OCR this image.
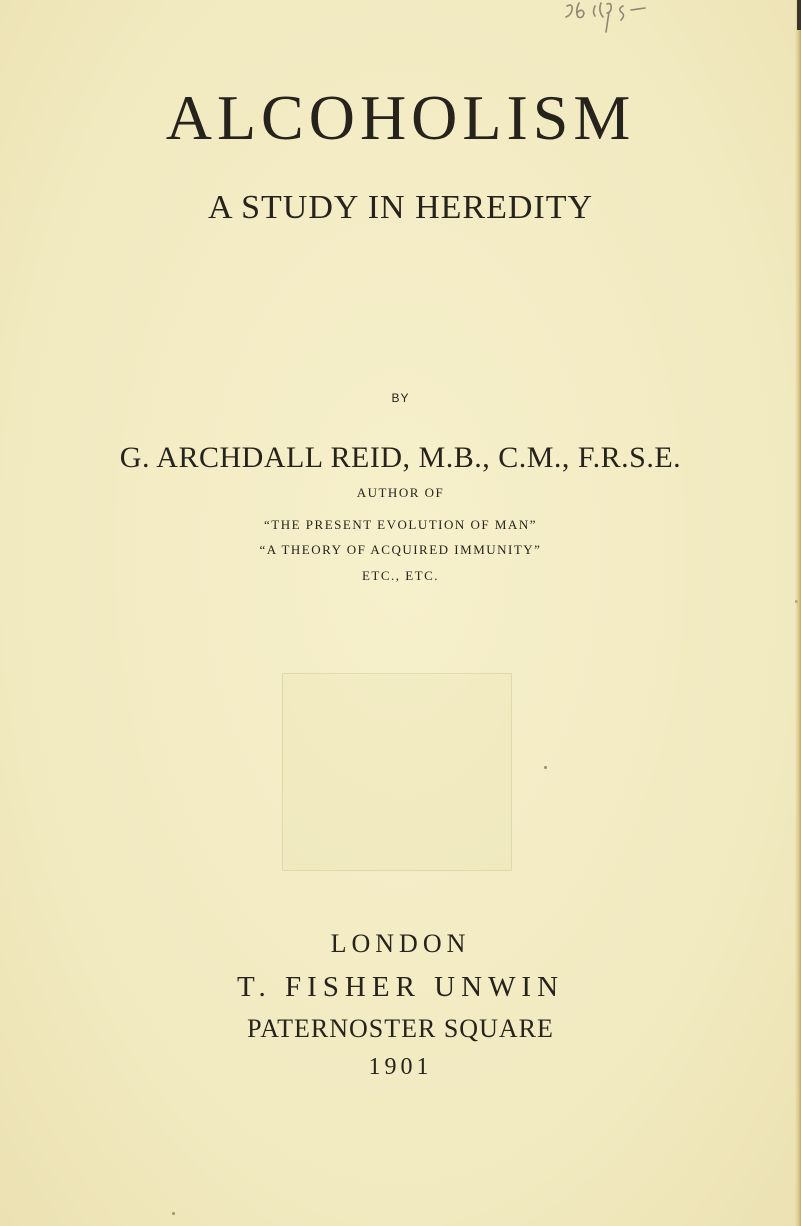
ALCOHOLISM
A STUDY IN HEREDITY
BY
G. ARCHDALL REID, M.B., C.M., F.R.S.E.
AUTHOR OF
“THE PRESENT EVOLUTION OF MAN”
“A THEORY OF ACQUIRED IMMUNITY”
ETC., ETC.
LONDON
T. FISHER UNWIN
PATERNOSTER SQUARE
1901
